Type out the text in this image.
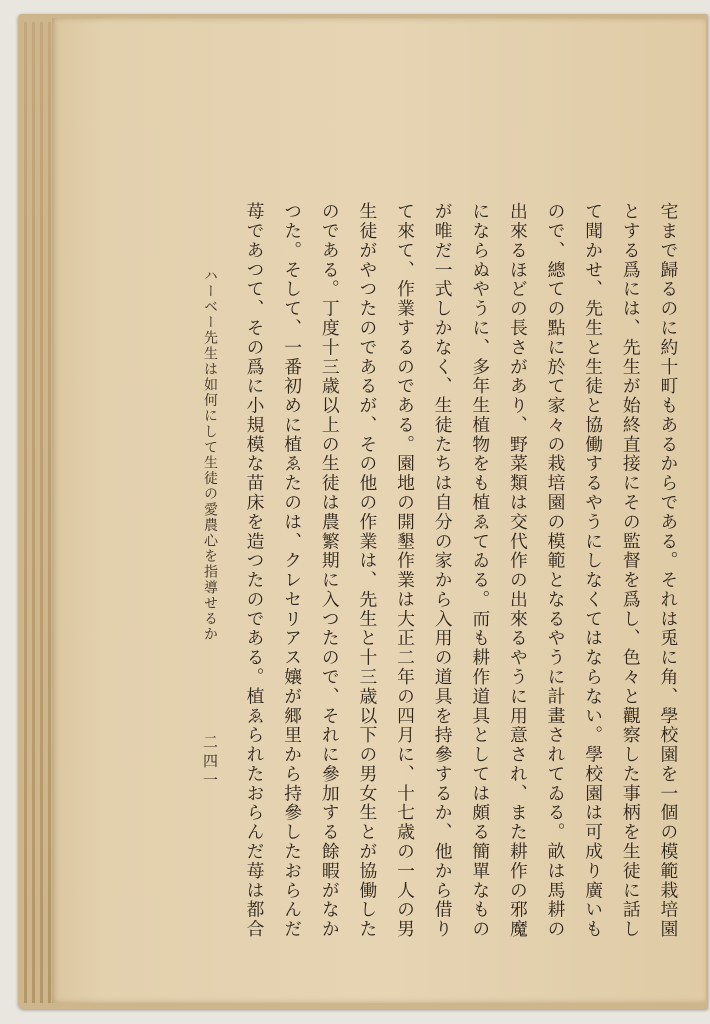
宅まで歸るのに約十町もあるからである。それは兎に角、學校園を一個の模範栽培園

とする爲には、先生が始終直接にその監督を爲し、色々と觀察した事柄を生徒に話し

て聞かせ、先生と生徒と協働するやうにしなくてはならない。學校園は可成り廣いも

ので、總ての點に於て家々の栽培園の模範となるやうに計畫されてゐる。畝は馬耕の

出來るほどの長さがあり、野菜類は交代作の出來るやうに用意され、また耕作の邪魔

にならぬやうに、多年生植物をも植ゑてゐる。而も耕作道具としては頗る簡單なもの

が唯だ一式しかなく、生徒たちは自分の家から入用の道具を持參するか、他から借り

て來て、作業するのである。園地の開墾作業は大正二年の四月に、十七歳の一人の男

生徒がやつたのであるが、その他の作業は、先生と十三歳以下の男女生とが協働した

のである。丁度十三歳以上の生徒は農繁期に入つたので、それに參加する餘暇がなか

つた。そして、一番初めに植ゑたのは、クレセリアス孃が郷里から持參したおらんだ

苺であつて、その爲に小規模な苗床を造つたのである。植ゑられたおらんだ苺は都合

ハーベー先生は如何にして生徒の愛農心を指導せるか
二四一
